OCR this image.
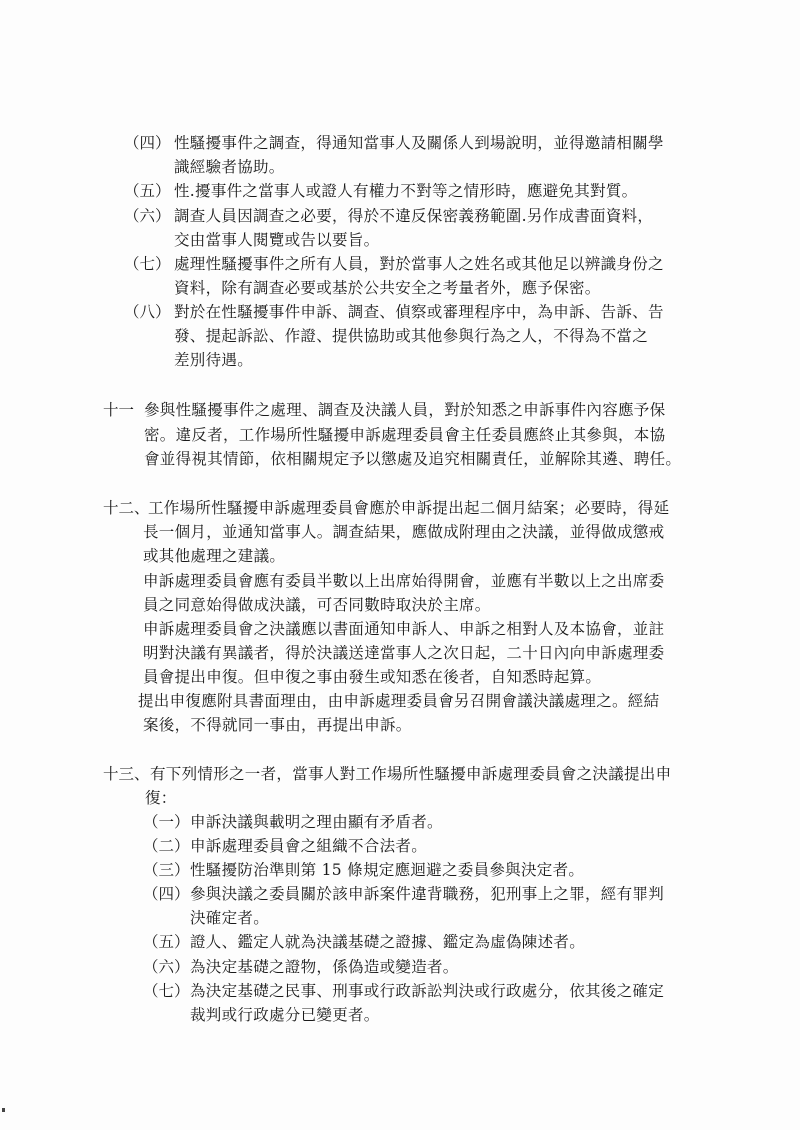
（四） 性騷擾事件之調查，得通知當事人及關係人到場說明，並得邀請相關學
識經驗者協助。
（五） 性.擾事件之當事人或證人有權力不對等之情形時，應避免其對質。
（六） 調查人員因調查之必要，得於不違反保密義務範圍.另作成書面資料，
交由當事人閱覽或告以要旨。
（七） 處理性騷擾事件之所有人員，對於當事人之姓名或其他足以辨識身份之
資料，除有調查必要或基於公共安全之考量者外，應予保密。
（八） 對於在性騷擾事件申訴、調查、偵察或審理程序中，為申訴、告訴、告
發、提起訴訟、作證、提供協助或其他參與行為之人，不得為不當之
差別待遇。
十一 參與性騷擾事件之處理、調查及決議人員，對於知悉之申訴事件內容應予保
密。違反者，工作場所性騷擾申訴處理委員會主任委員應終止其參與，本協
會並得視其情節，依相關規定予以懲處及追究相關責任，並解除其遴、聘任。
十二、
工作場所性騷擾申訴處理委員會應於申訴提出起二個月結案；必要時，得延
長一個月，並通知當事人。調查結果，應做成附理由之決議，並得做成懲戒
或其他處理之建議。
申訴處理委員會應有委員半數以上出席始得開會，並應有半數以上之出席委
員之同意始得做成決議，可否同數時取決於主席。
申訴處理委員會之決議應以書面通知申訴人、申訴之相對人及本協會，並註
明對決議有異議者，得於決議送達當事人之次日起，二十日內向申訴處理委
員會提出申復。但申復之事由發生或知悉在後者，自知悉時起算。
提出申復應附具書面理由，由申訴處理委員會另召開會議決議處理之。經結
案後，不得就同一事由，再提出申訴。
十三、 有下列情形之一者，當事人對工作場所性騷擾申訴處理委員會之決議提出申
復：
（一） 申訴決議與載明之理由顯有矛盾者。
（二） 申訴處理委員會之組織不合法者。
（三） 性騷擾防治準則第 15 條規定應迴避之委員參與決定者。
（四） 參與決議之委員關於該申訴案件違背職務，犯刑事上之罪，經有罪判
決確定者。
（五） 證人、鑑定人就為決議基礎之證據、鑑定為虛偽陳述者。
（六） 為決定基礎之證物，係偽造或變造者。
（七） 為決定基礎之民事、刑事或行政訴訟判決或行政處分，依其後之確定
裁判或行政處分已變更者。
